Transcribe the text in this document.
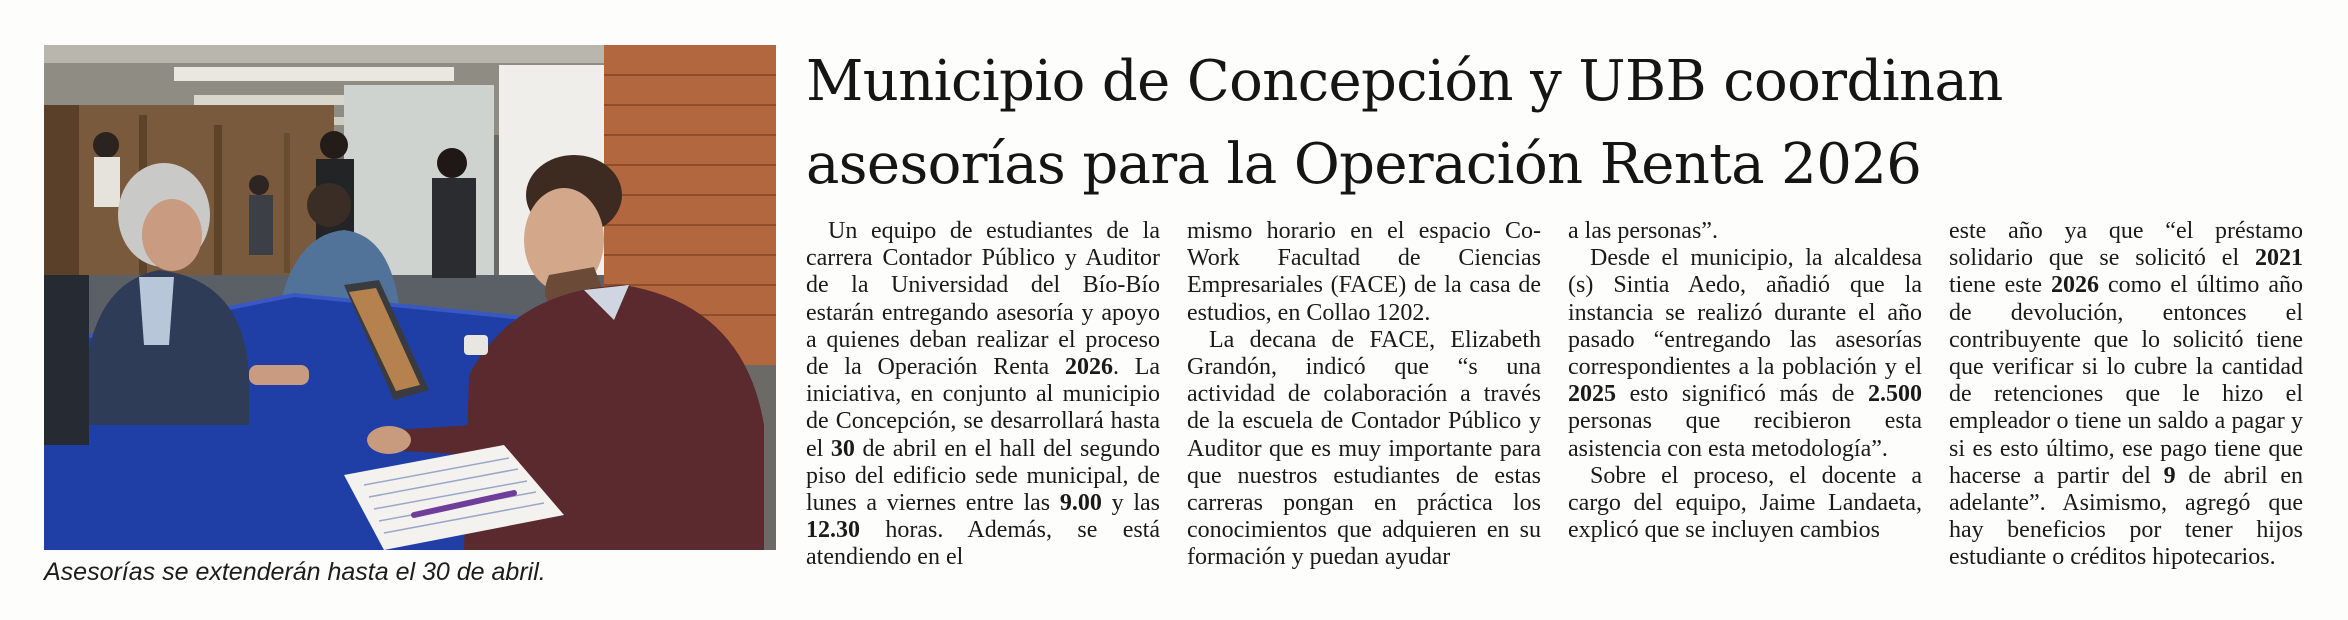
Asesorías se extenderán hasta el 30 de abril.
Municipio de Concepción y UBB coordinan
asesorías para la Operación Renta 2026

Un equipo de estudiantes de la carrera Contador Público y Auditor de la Universidad del Bío-Bío estarán entregando asesoría y apoyo a quienes deban realizar el proceso de la Operación Renta 2026. La iniciativa, en conjunto al municipio de Concepción, se desarrollará hasta el 30 de abril en el hall del segundo piso del edificio sede municipal, de lunes a viernes entre las 9.00 y las 12.30 horas. Además, se está atendiendo en el

mismo horario en el espacio Co-Work Facultad de Ciencias Empresariales (FACE) de la casa de estudios, en Collao 1202.

La decana de FACE, Elizabeth Grandón, indicó que “s una actividad de colaboración a través de la escuela de Contador Público y Auditor que es muy importante para que nuestros estudiantes de estas carreras pongan en práctica los conocimientos que adquieren en su formación y puedan ayudar

a las personas”.

Desde el municipio, la alcaldesa (s) Sintia Aedo, añadió que la instancia se realizó durante el año pasado “entregando las asesorías correspondientes a la población y el 2025 esto significó más de 2.500 personas que recibieron esta asistencia con esta metodología”.

Sobre el proceso, el docente a cargo del equipo, Jaime Landaeta, explicó que se incluyen cambios

este año ya que “el préstamo solidario que se solicitó el 2021 tiene este 2026 como el último año de devolución, entonces el contribuyente que lo solicitó tiene que verificar si lo cubre la cantidad de retenciones que le hizo el empleador o tiene un saldo a pagar y si es esto último, ese pago tiene que hacerse a partir del 9 de abril en adelante”. Asimismo, agregó que hay beneficios por tener hijos estudiante o créditos hipotecarios.
